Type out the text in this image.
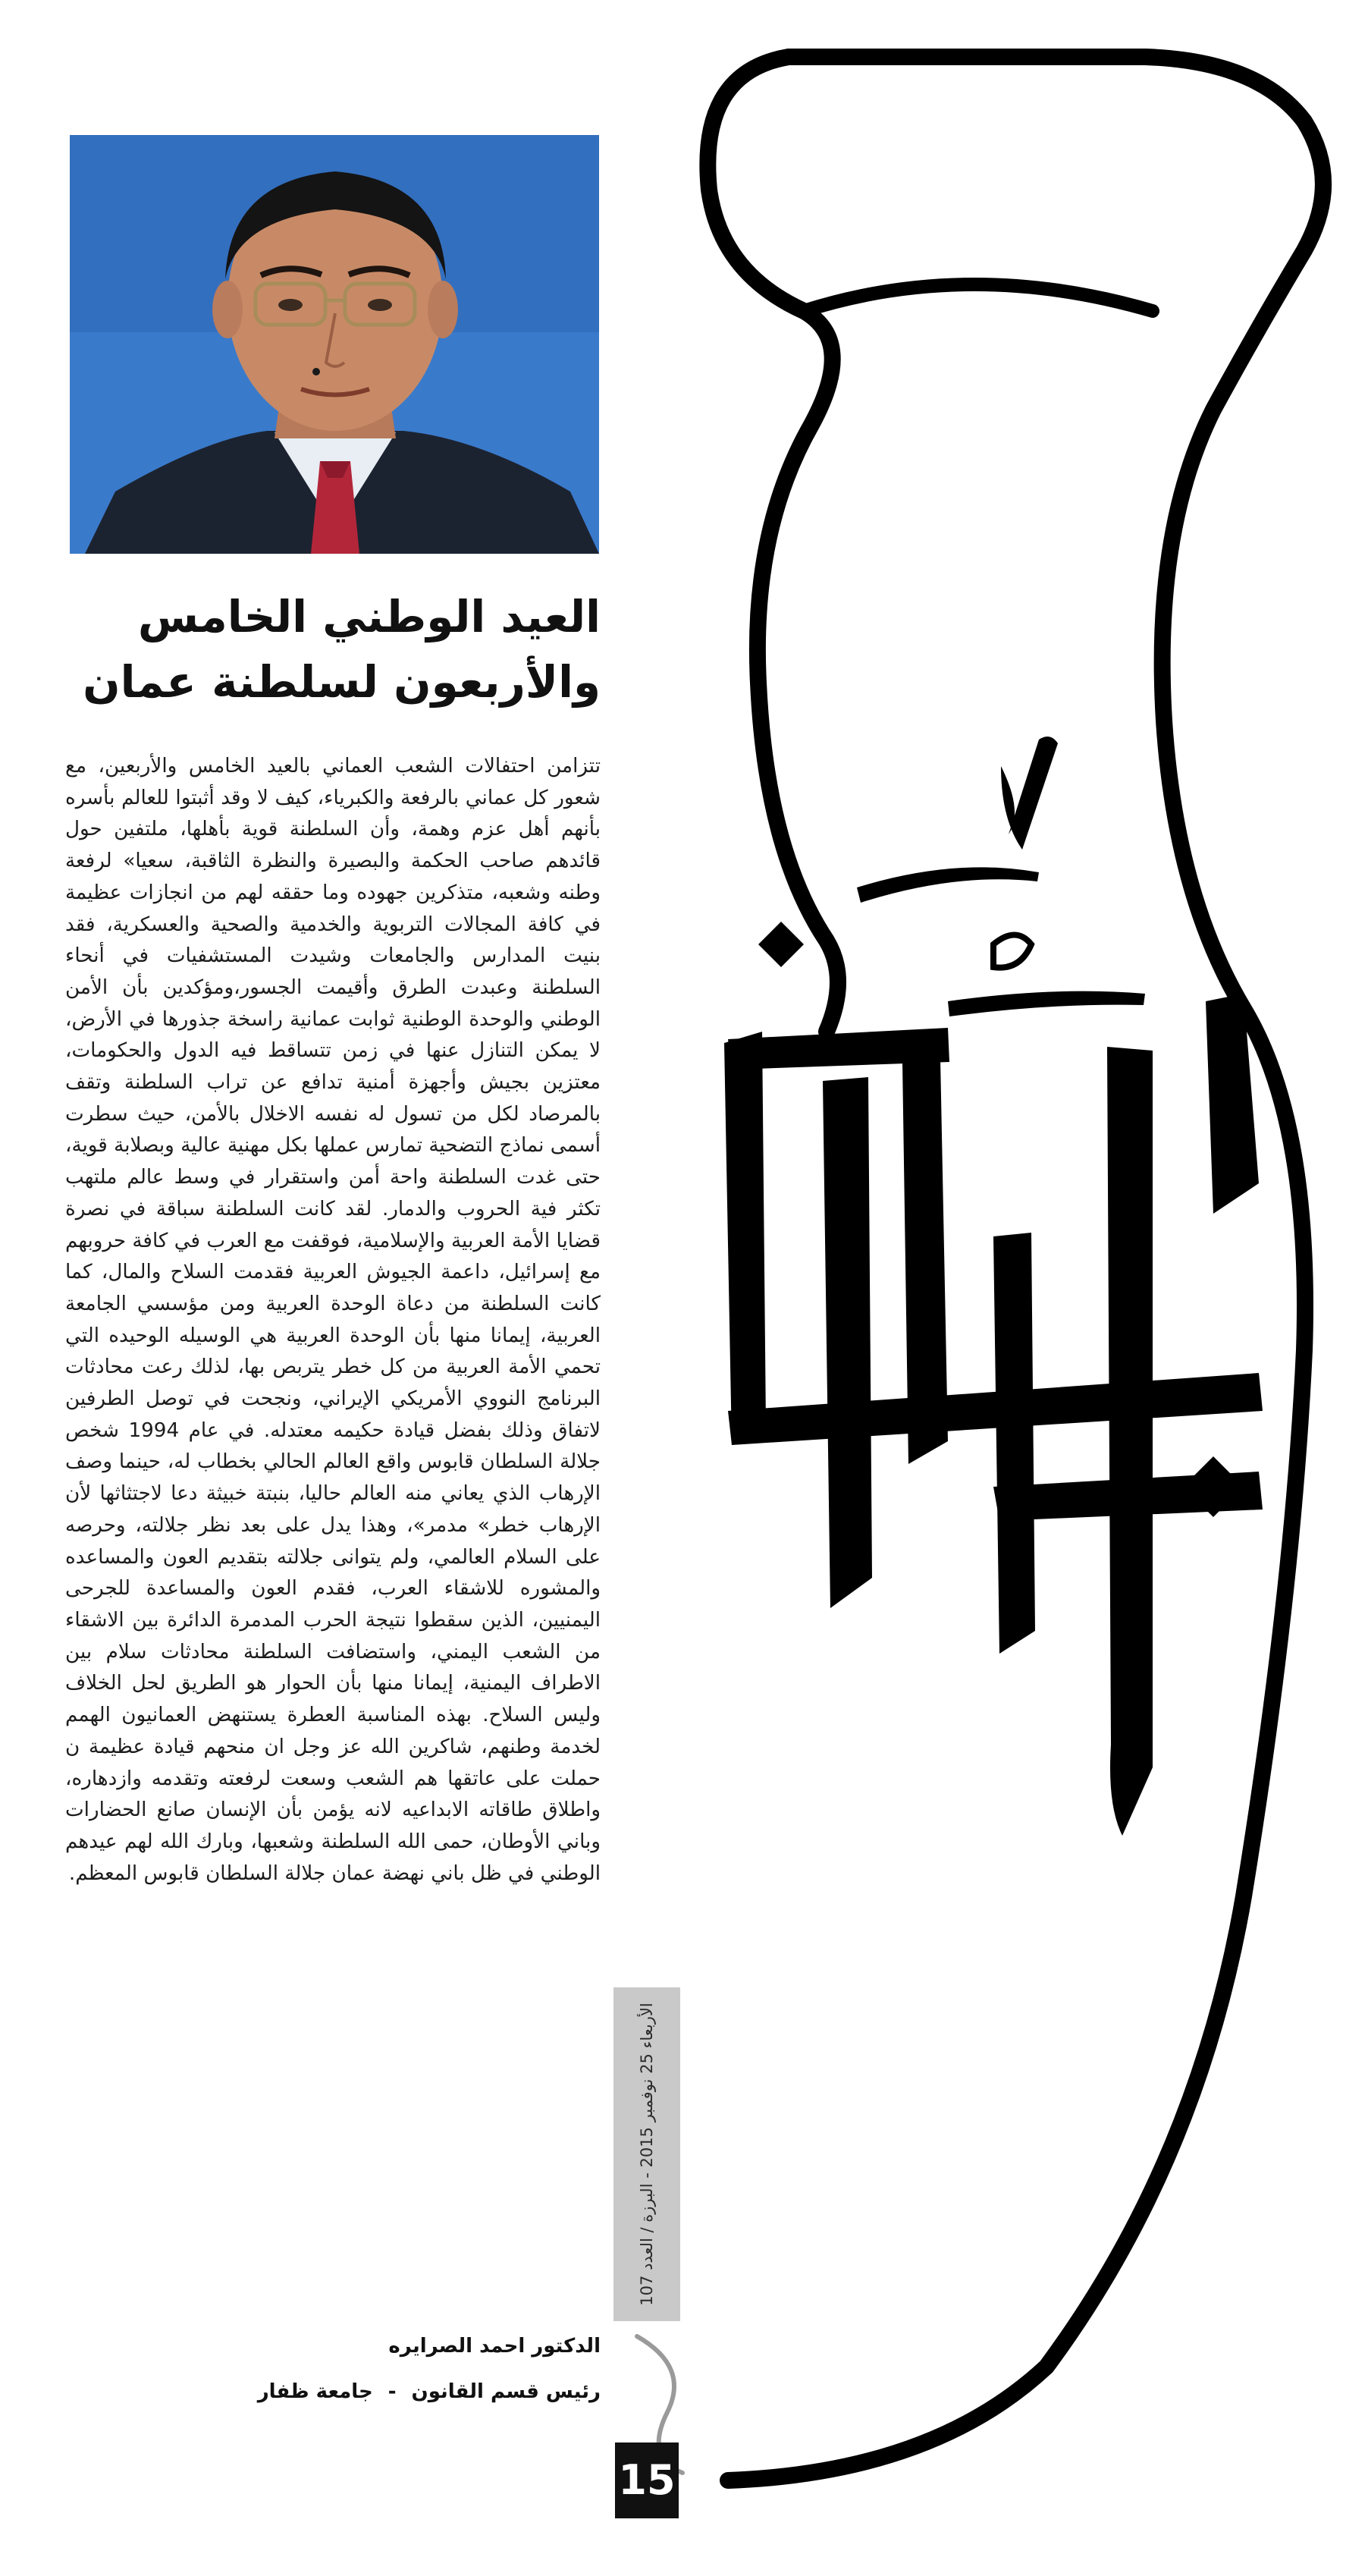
العيد الوطني الخامس
والأربعون لسلطنة عمان
تتزامن احتفالات الشعب العماني بالعيد الخامس والأربعين، مع شعور كل عماني بالرفعة والكبرياء، كيف لا وقد أثبتوا للعالم بأسره بأنهم أهل عزم وهمة، وأن السلطنة قوية بأهلها، ملتفين حول قائدهم صاحب الحكمة والبصيرة والنظرة الثاقبة، سعيا» لرفعة وطنه وشعبه، متذكرين جهوده وما حققه لهم من انجازات عظيمة في كافة المجالات التربوية والخدمية والصحية والعسكرية، فقد بنيت المدارس والجامعات وشيدت المستشفيات في أنحاء السلطنة وعبدت الطرق وأقيمت الجسور،ومؤكدين بأن الأمن الوطني والوحدة الوطنية ثوابت عمانية راسخة جذورها في الأرض، لا يمكن التنازل عنها في زمن تتساقط فيه الدول والحكومات، معتزين بجيش وأجهزة أمنية تدافع عن تراب السلطنة وتقف بالمرصاد لكل من تسول له نفسه الاخلال بالأمن، حيث سطرت أسمى نماذج التضحية تمارس عملها بكل مهنية عالية وبصلابة قوية، حتى غدت السلطنة واحة أمن واستقرار في وسط عالم ملتهب تكثر فية الحروب والدمار. لقد كانت السلطنة سباقة في نصرة قضايا الأمة العربية والإسلامية، فوقفت مع العرب في كافة حروبهم مع إسرائيل، داعمة الجيوش العربية فقدمت السلاح والمال، كما كانت السلطنة من دعاة الوحدة العربية ومن مؤسسي الجامعة العربية، إيمانا منها بأن الوحدة العربية هي الوسيله الوحيده التي تحمي الأمة العربية من كل خطر يتربص بها، لذلك رعت محادثات البرنامج النووي الأمريكي الإيراني، ونجحت في توصل الطرفين لاتفاق وذلك بفضل قيادة حكيمه معتدله. في عام 1994 شخص جلالة السلطان قابوس واقع العالم الحالي بخطاب له، حينما وصف الإرهاب الذي يعاني منه العالم حاليا، بنبتة خبيثة دعا لاجتثاثها لأن الإرهاب خطر» مدمر»، وهذا يدل على بعد نظر جلالته، وحرصه على السلام العالمي، ولم يتوانى جلالته بتقديم العون والمساعده والمشوره للاشقاء العرب، فقدم العون والمساعدة للجرحى اليمنيين، الذين سقطوا نتيجة الحرب المدمرة الدائرة بين الاشقاء من الشعب اليمني، واستضافت السلطنة محادثات سلام بين الاطراف اليمنية، إيمانا منها بأن الحوار هو الطريق لحل الخلاف وليس السلاح. بهذه المناسبة العطرة يستنهض العمانيون الهمم لخدمة وطنهم، شاكرين الله عز وجل ان منحهم قيادة عظيمة ن حملت على عاتقها هم الشعب وسعت لرفعته وتقدمه وازدهاره، واطلاق طاقاته الابداعيه لانه يؤمن بأن الإنسان صانع الحضارات وباني الأوطان، حمى الله السلطنة وشعبها، وبارك الله لهم عيدهم الوطني في ظل باني نهضة عمان جلالة السلطان قابوس المعظم.
الدكتور احمد الصرايره
رئيس قسم القانون-جامعة ظفار
الأربعاء 25 نوفمبر 2015 - البرزة / العدد 107
15
